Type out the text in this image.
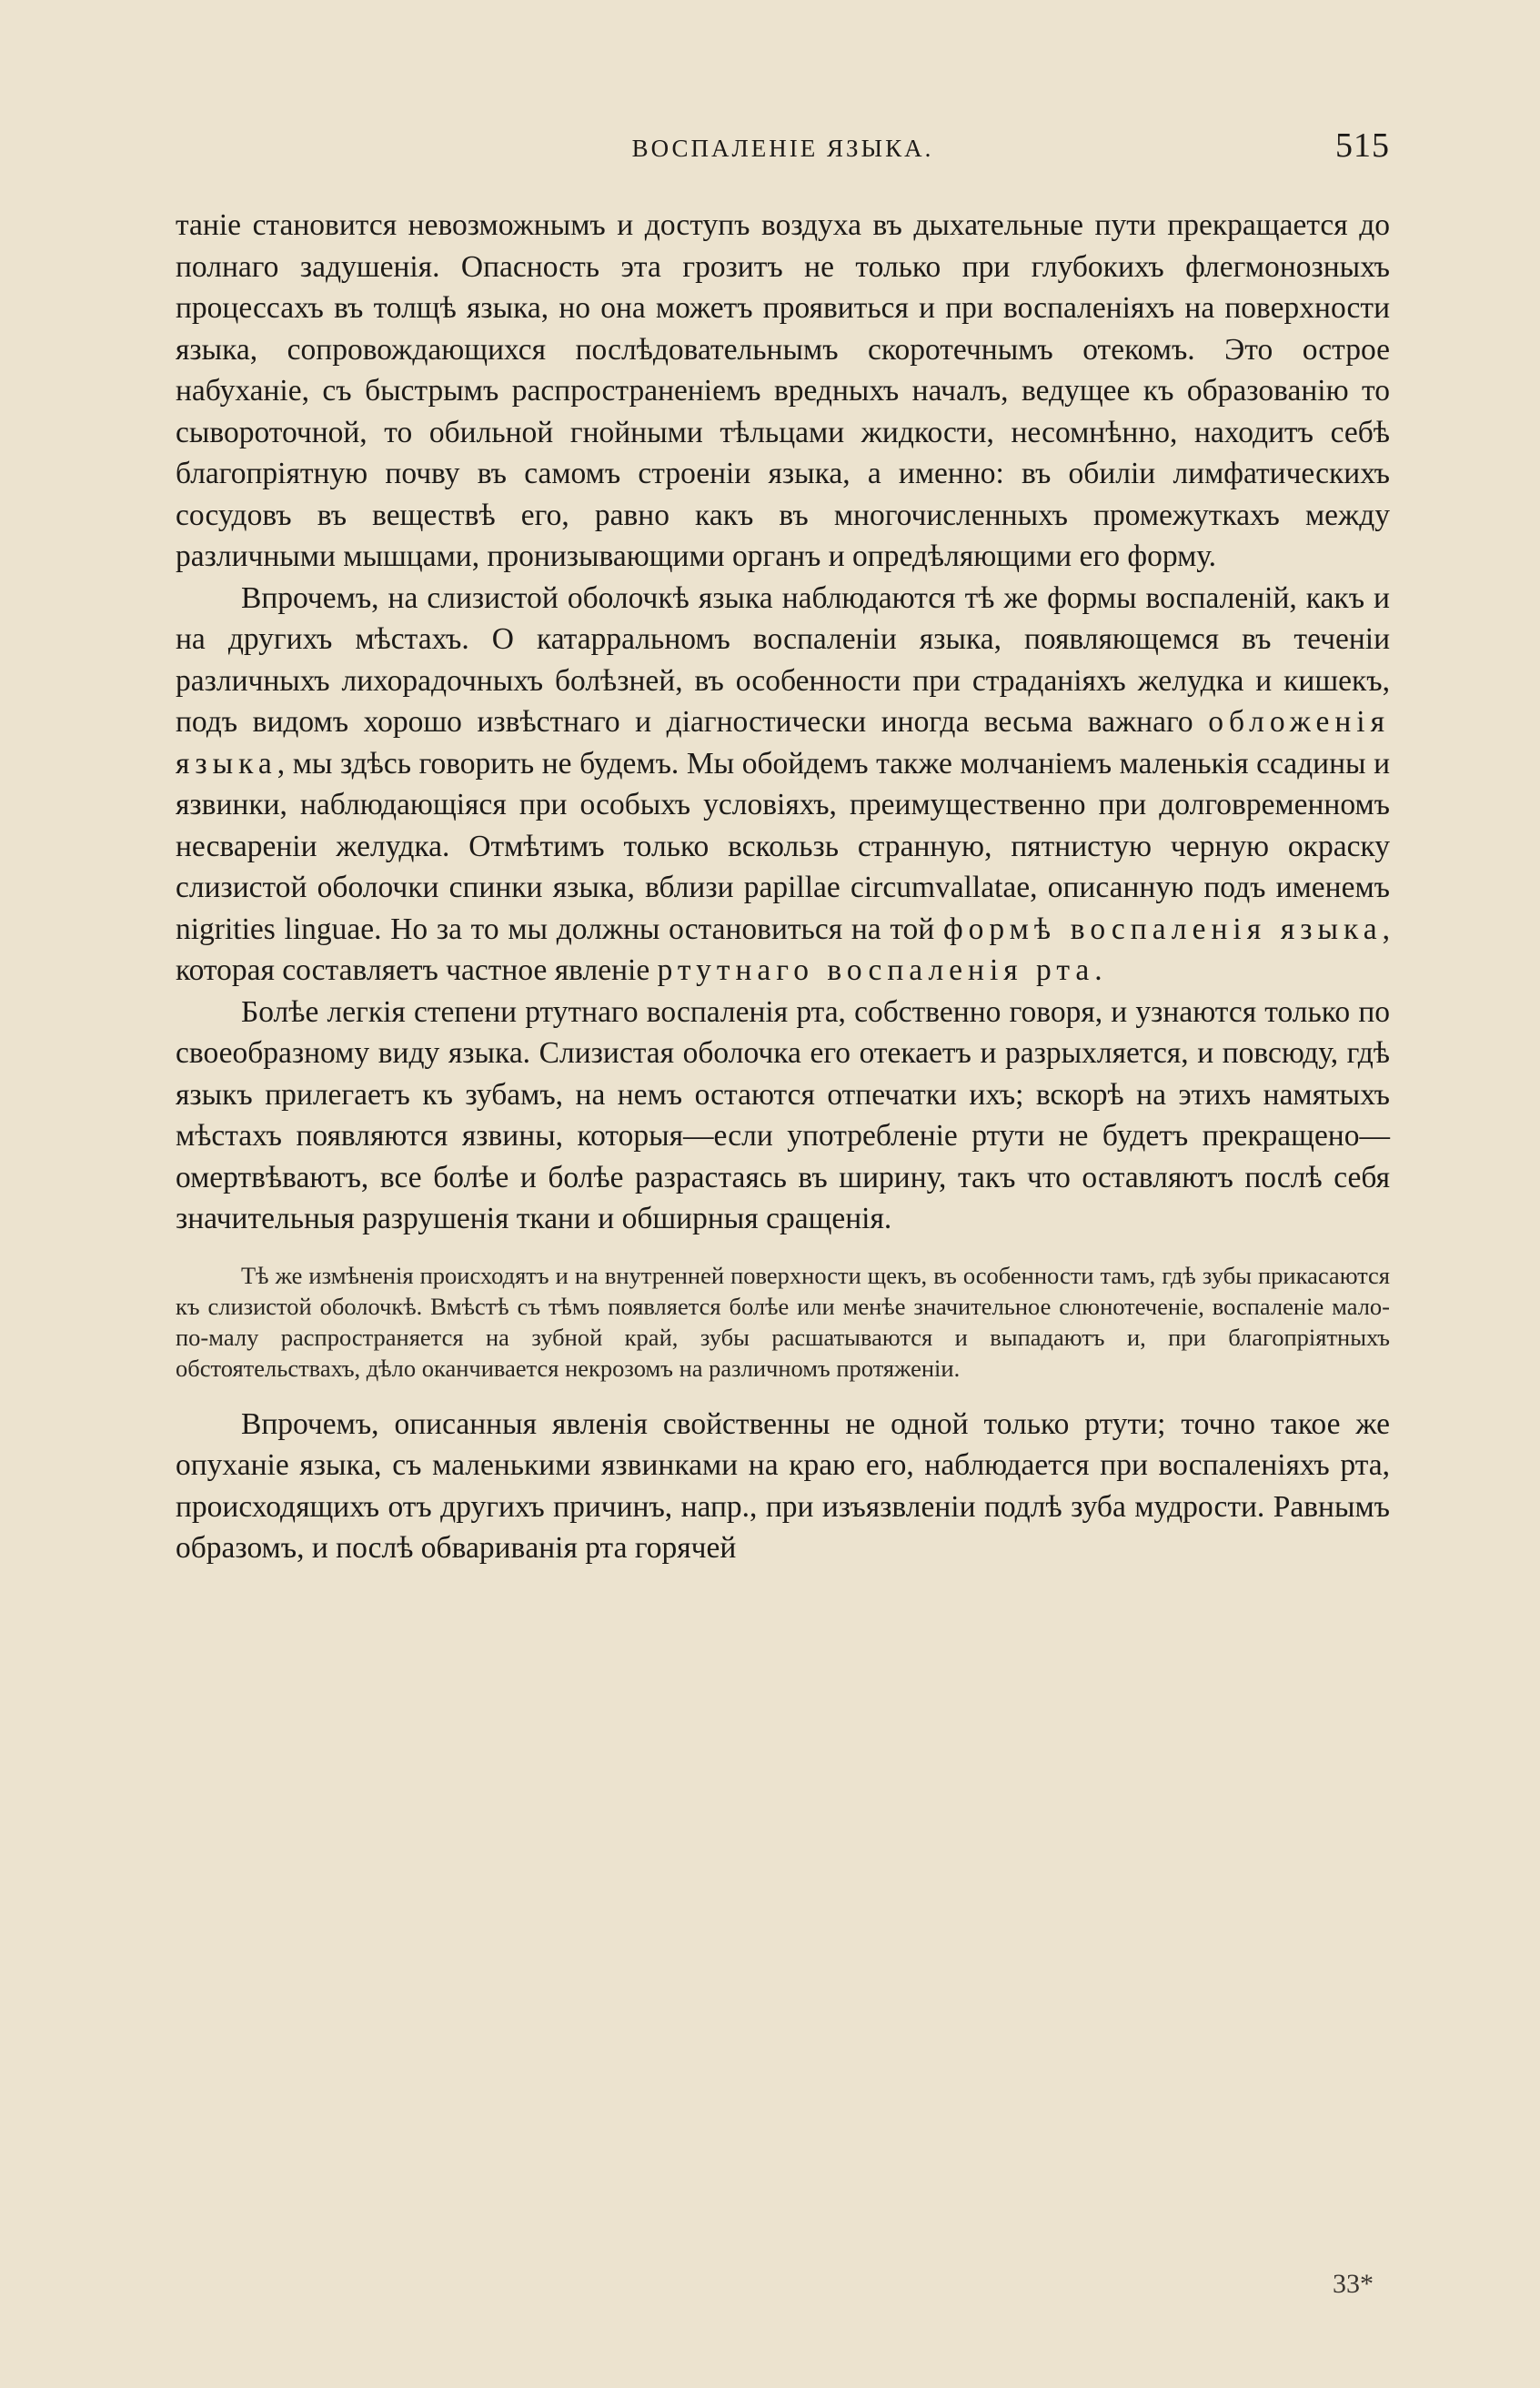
ВОСПАЛЕНІЕ ЯЗЫКА.	515

таніе становится невозможнымъ и доступъ воздуха въ дыхательные пути прекращается до полнаго задушенія. Опасность эта грозитъ не только при глубокихъ флегмонозныхъ процессахъ въ толщѣ языка, но она можетъ проявиться и при воспаленіяхъ на поверхности языка, сопровождающихся послѣдовательнымъ скоротечнымъ отекомъ. Это острое набуханіе, съ быстрымъ распространеніемъ вредныхъ началъ, ведущее къ образованію то сывороточной, то обильной гнойными тѣльцами жидкости, несомнѣнно, находитъ себѣ благопріятную почву въ самомъ строеніи языка, а именно: въ обиліи лимфатическихъ сосудовъ въ веществѣ его, равно какъ въ многочисленныхъ промежуткахъ между различными мышцами, пронизывающими органъ и опредѣляющими его форму.

Впрочемъ, на слизистой оболочкѣ языка наблюдаются тѣ же формы воспаленій, какъ и на другихъ мѣстахъ. О катарральномъ воспаленіи языка, появляющемся въ теченіи различныхъ лихорадочныхъ болѣзней, въ особенности при страданіяхъ желудка и кишекъ, подъ видомъ хорошо извѣстнаго и діагностически иногда весьма важнаго обложенія языка, мы здѣсь говорить не будемъ. Мы обойдемъ также молчаніемъ маленькія ссадины и язвинки, наблюдающіяся при особыхъ условіяхъ, преимущественно при долговременномъ несвареніи желудка. Отмѣтимъ только вскользь странную, пятнистую черную окраску слизистой оболочки спинки языка, вблизи papillae circumvallatae, описанную подъ именемъ nigrities linguae. Но за то мы должны остановиться на той формѣ воспаленія языка, которая составляетъ частное явленіе ртутнаго воспаленія рта.

Болѣе легкія степени ртутнаго воспаленія рта, собственно говоря, и узнаются только по своеобразному виду языка. Слизистая оболочка его отекаетъ и разрыхляется, и повсюду, гдѣ языкъ прилегаетъ къ зубамъ, на немъ остаются отпечатки ихъ; вскорѣ на этихъ намятыхъ мѣстахъ появляются язвины, которыя—если употребленіе ртути не будетъ прекращено—омертвѣваютъ, все болѣе и болѣе разрастаясь въ ширину, такъ что оставляютъ послѣ себя значительныя разрушенія ткани и обширныя сращенія.

Тѣ же измѣненія происходятъ и на внутренней поверхности щекъ, въ особенности тамъ, гдѣ зубы прикасаются къ слизистой оболочкѣ. Вмѣстѣ съ тѣмъ появляется болѣе или менѣе значительное слюнотеченіе, воспаленіе мало-по-малу распространяется на зубной край, зубы расшатываются и выпадаютъ и, при благопріятныхъ обстоятельствахъ, дѣло оканчивается некрозомъ на различномъ протяженіи.

Впрочемъ, описанныя явленія свойственны не одной только ртути; точно такое же опуханіе языка, съ маленькими язвинками на краю его, наблюдается при воспаленіяхъ рта, происходящихъ отъ другихъ причинъ, напр., при изъязвленіи подлѣ зуба мудрости. Равнымъ образомъ, и послѣ обваривaнія рта горячей

33*
